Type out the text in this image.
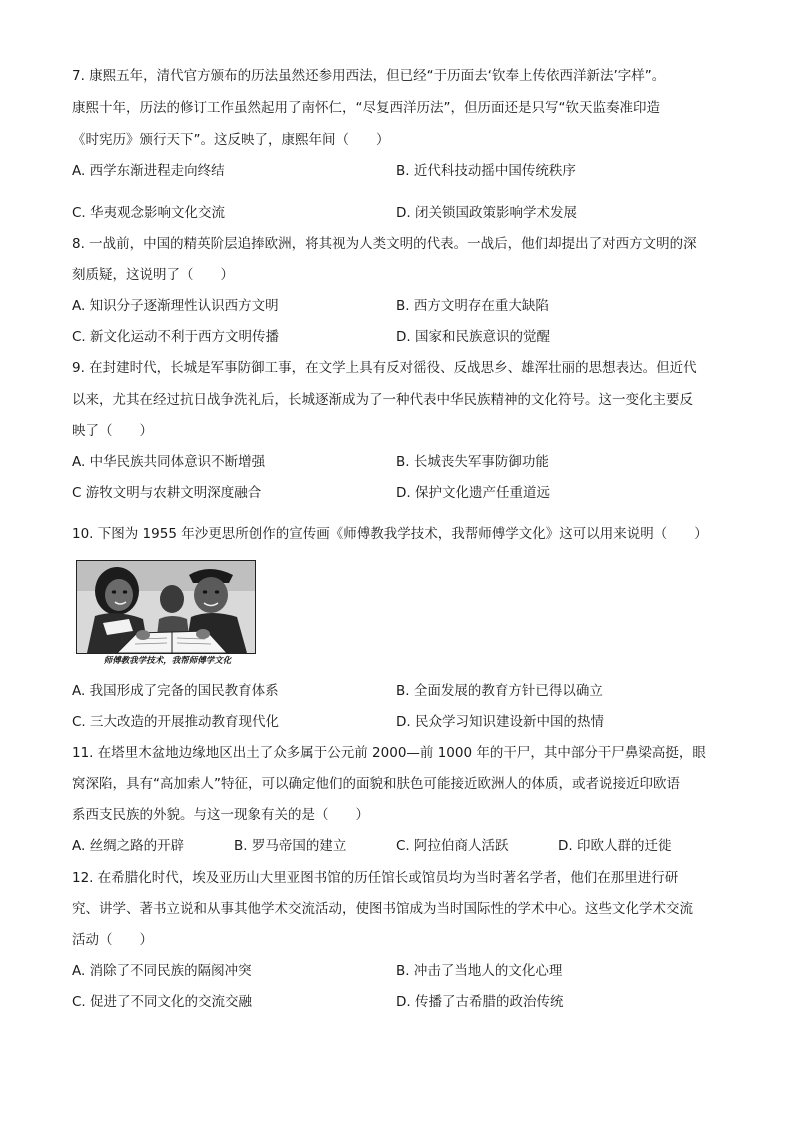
7. 康熙五年，清代官方颁布的历法虽然还参用西法，但已经“于历面去‘钦奉上传依西洋新法’字样”。
康熙十年，历法的修订工作虽然起用了南怀仁，“尽复西洋历法”，但历面还是只写“钦天监奏准印造
《时宪历》颁行天下”。这反映了，康熙年间（　　）
A. 西学东渐进程走向终结	B. 近代科技动摇中国传统秩序
C. 华夷观念影响文化交流	D. 闭关锁国政策影响学术发展
8. 一战前，中国的精英阶层追捧欧洲，将其视为人类文明的代表。一战后，他们却提出了对西方文明的深
刻质疑，这说明了（　　）
A. 知识分子逐渐理性认识西方文明	B. 西方文明存在重大缺陷
C. 新文化运动不利于西方文明传播	D. 国家和民族意识的觉醒
9. 在封建时代，长城是军事防御工事，在文学上具有反对徭役、反战思乡、雄浑壮丽的思想表达。但近代
以来，尤其在经过抗日战争洗礼后，长城逐渐成为了一种代表中华民族精神的文化符号。这一变化主要反
映了（　　）
A. 中华民族共同体意识不断增强	B. 长城丧失军事防御功能
C 游牧文明与农耕文明深度融合	D. 保护文化遗产任重道远
10. 下图为 1955 年沙更思所创作的宣传画《师傅教我学技术，我帮师傅学文化》这可以用来说明（　　）
师傅教我学技术，我帮师傅学文化
A. 我国形成了完备的国民教育体系	B. 全面发展的教育方针已得以确立
C. 三大改造的开展推动教育现代化	D. 民众学习知识建设新中国的热情
11. 在塔里木盆地边缘地区出土了众多属于公元前 2000—前 1000 年的干尸，其中部分干尸鼻梁高挺，眼
窝深陷，具有“高加索人”特征，可以确定他们的面貌和肤色可能接近欧洲人的体质，或者说接近印欧语
系西支民族的外貌。与这一现象有关的是（　　）
A. 丝绸之路的开辟	B. 罗马帝国的建立	C. 阿拉伯商人活跃	D. 印欧人群的迁徙
12. 在希腊化时代，埃及亚历山大里亚图书馆的历任馆长或馆员均为当时著名学者，他们在那里进行研
究、讲学、著书立说和从事其他学术交流活动，使图书馆成为当时国际性的学术中心。这些文化学术交流
活动（　　）
A. 消除了不同民族的隔阂冲突	B. 冲击了当地人的文化心理
C. 促进了不同文化的交流交融	D. 传播了古希腊的政治传统
